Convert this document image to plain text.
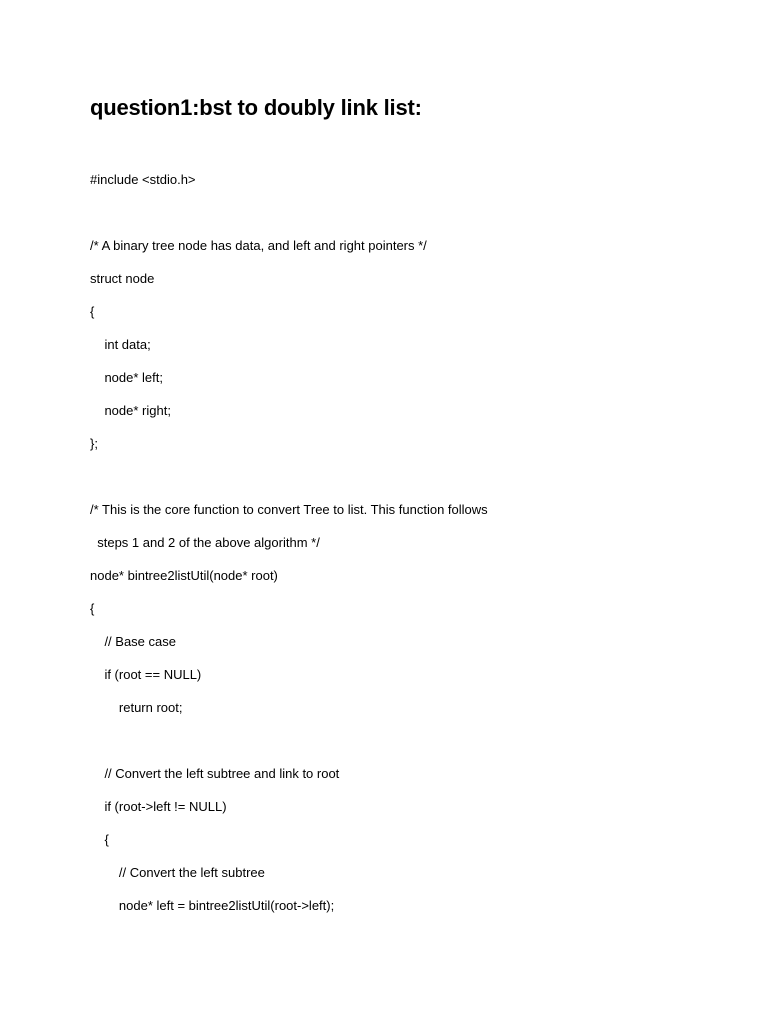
question1:bst to doubly link list:
#include <stdio.h>
/* A binary tree node has data, and left and right pointers */
struct node
{
int data;
node* left;
node* right;
};
/* This is the core function to convert Tree to list. This function follows
steps 1 and 2 of the above algorithm */
node* bintree2listUtil(node* root)
{
// Base case
if (root == NULL)
return root;
// Convert the left subtree and link to root
if (root->left != NULL)
{
// Convert the left subtree
node* left = bintree2listUtil(root->left);
